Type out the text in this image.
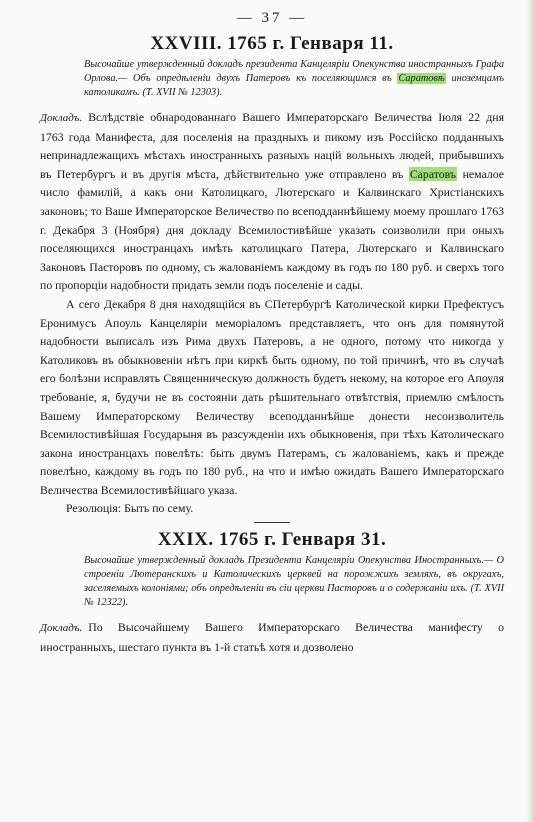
— 37 —
XXVIII. 1765 г. Генваря 11.
Высочайше утвержденный докладъ президента Канцеляріи Опекунства иностранныхъ Графа Орлова.— Объ опредѣленіи двухъ Патеровъ къ поселяющимся въ Саратовѣ иноземцамъ католикамъ. (Т. XVII № 12303).

Докладъ. Вслѣдствіе обнародованнаго Вашего Императорскаго Величества Іюля 22 дня 1763 года Манифеста, для поселенія на праздныхъ и пикому изъ Россійско подданныхъ непринадлежащихъ мѣстахъ иностранныхъ разныхъ націй вольныхъ людей, прибывшихъ въ Петербургъ и въ другія мѣста, дѣйствительно уже отправлено въ Саратовъ немалое число фамилій, а какъ они Католицкаго, Лютерскаго и Калвинскаго Христіанскихъ законовъ; то Ваше Императорское Величество по всеподданнѣйшему моему прошлаго 1763 г. Декабря 3 (Ноября) дня докладу Всемилостивѣйше указать соизволили при оныхъ поселяющихся иностранцахъ имѣть католицкаго Патера, Лютерскаго и Калвинскаго Законовъ Пасторовъ по одному, съ жалованіемъ каждому въ годъ по 180 руб. и сверхъ того по пропорціи надобности придать земли подъ поселеніе и сады.

А сего Декабря 8 дня находящійся въ СПетербургѣ Католической кирки Префектусъ Еронимусъ Апоуль Канцеляріи меморіаломъ представляетъ, что онъ для помянутой надобности выписалъ изъ Рима двухъ Патеровъ, а не одного, потому что никогда у Католиковъ въ обыкновеніи нѣтъ при киркѣ быть одному, по той причинѣ, что въ случаѣ его болѣзни исправлять Священническую должность будетъ некому, на которое его Апоуля требованіе, я, будучи не въ состояніи дать рѣшительнаго отвѣтствія, приемлю смѣлость Вашему Императорскому Величеству всеподданнѣйше донести несоизволитель Всемилостивѣйшая Государыня въ разсужденіи ихъ обыкновенія, при тѣхъ Католическаго закона иностранцахъ повелѣть: быть двумъ Патерамъ, съ жалованіемъ, какъ и прежде повелѣно, каждому въ годъ по 180 руб., на что и имѣю ожидать Вашего Императорскаго Величества Всемилостивѣйшаго указа.

Резолюція: Быть по сему.

XXIX. 1765 г. Генваря 31.
Высочайше утвержденный докладъ Президента Канцеляріи Опекунства Иностранныхъ.— О строеніи Лютеранскихъ и Католическихъ церквей на порожжихъ земляхъ, въ округахъ, заселяемыхъ колоніями; объ опредѣленіи въ сіи церкви Пасторовъ и о содержаніи ихъ. (Т. XVII № 12322).

Докладъ. По Высочайшему Вашего Императорскаго Величества манифесту о иностранныхъ, шестаго пункта въ 1-й статьѣ хотя и дозволено
